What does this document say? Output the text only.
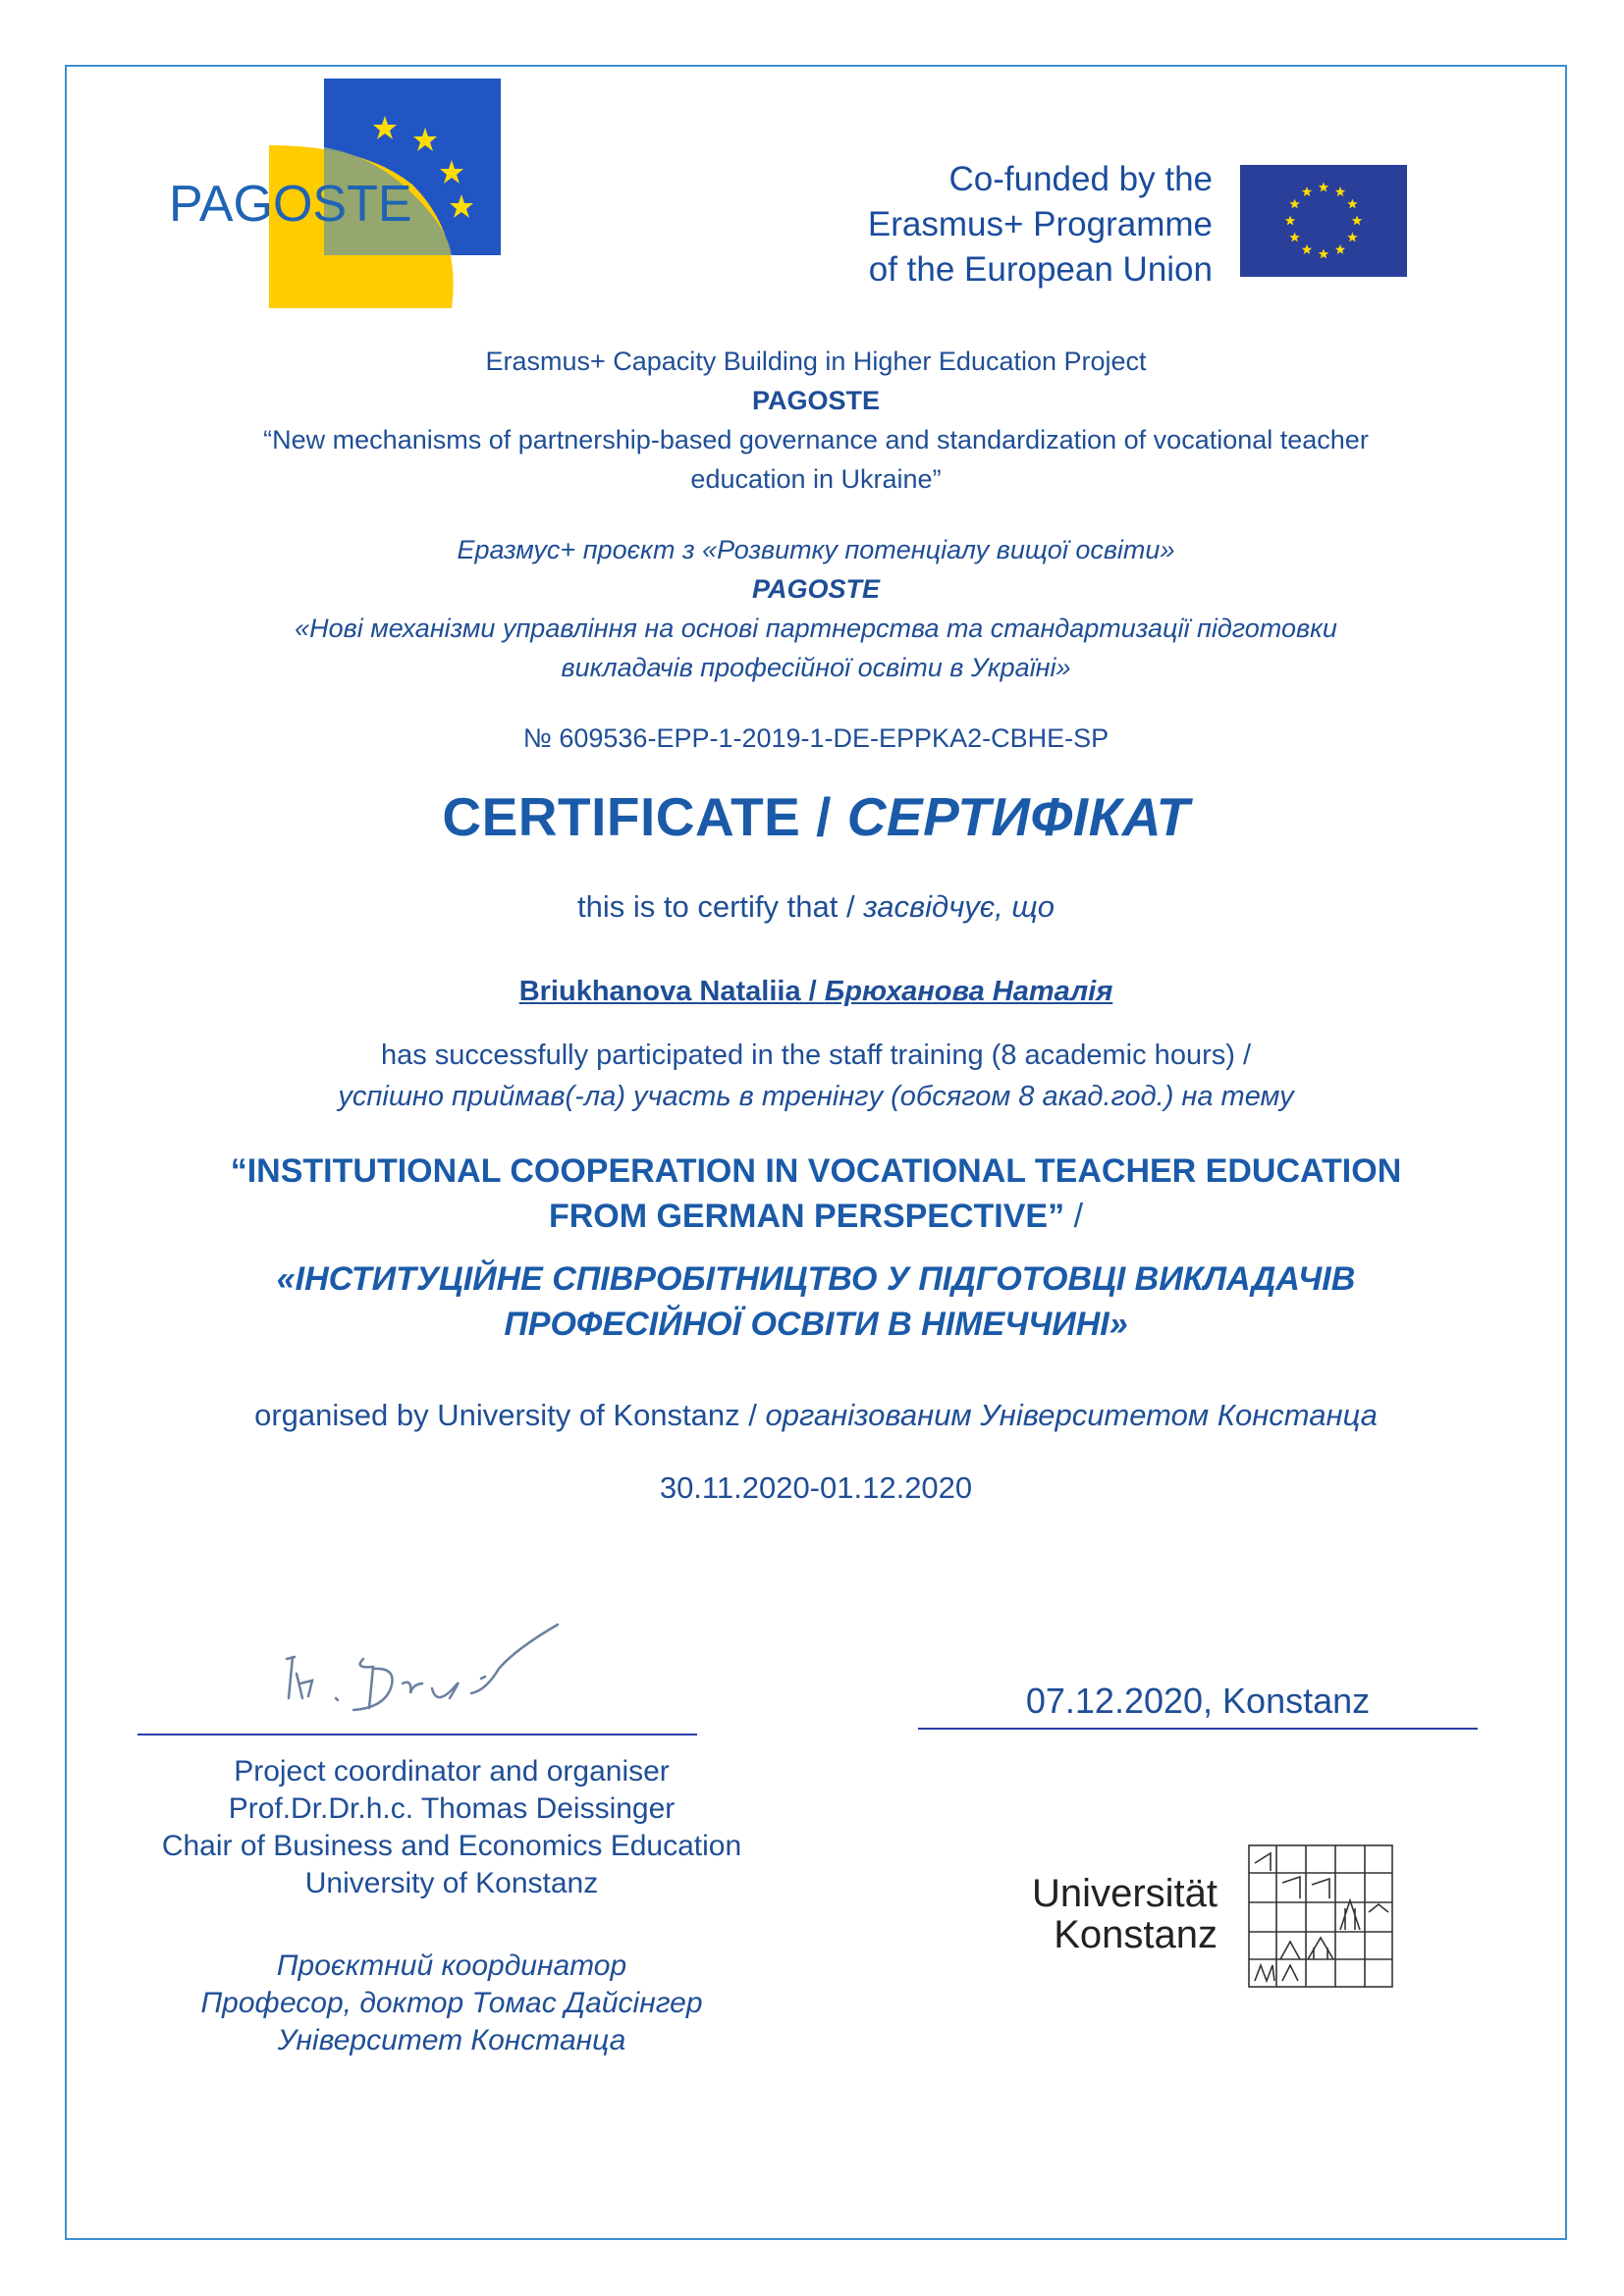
PAGOSTE	Co-funded by the
Erasmus+ Programme
of the European Union
Erasmus+ Capacity Building in Higher Education Project
PAGOSTE
“New mechanisms of partnership-based governance and standardization of vocational teacher
education in Ukraine”
Еразмус+ проєкт з «Розвитку потенціалу вищої освіти»
PAGOSTE
«Нові механізми управління на основі партнерства та стандартизації підготовки
викладачів професійної освіти в Україні»
№ 609536-EPP-1-2019-1-DE-EPPKA2-CBHE-SP
CERTIFICATE / СЕРТИФІКАТ
this is to certify that / засвідчує, що
Briukhanova Nataliia / Брюханова Наталія
has successfully participated in the staff training (8 academic hours) /
успішно приймав(-ла) участь в тренінгу (обсягом 8 акад.год.) на тему
“INSTITUTIONAL COOPERATION IN VOCATIONAL TEACHER EDUCATION
FROM GERMAN PERSPECTIVE” /
«ІНСТИТУЦІЙНЕ СПІВРОБІТНИЦТВО У ПІДГОТОВЦІ ВИКЛАДАЧІВ
ПРОФЕСІЙНОЇ ОСВІТИ В НІМЕЧЧИНІ»
organised by University of Konstanz / організованим Університетом Констанца
30.11.2020-01.12.2020
07.12.2020, Konstanz
Project coordinator and organiser
Prof.Dr.Dr.h.c. Thomas Deissinger
Chair of Business and Economics Education
University of Konstanz
Проєктний координатор
Професор, доктор Томас Дайсінгер
Університет Констанца
Universität
Konstanz
